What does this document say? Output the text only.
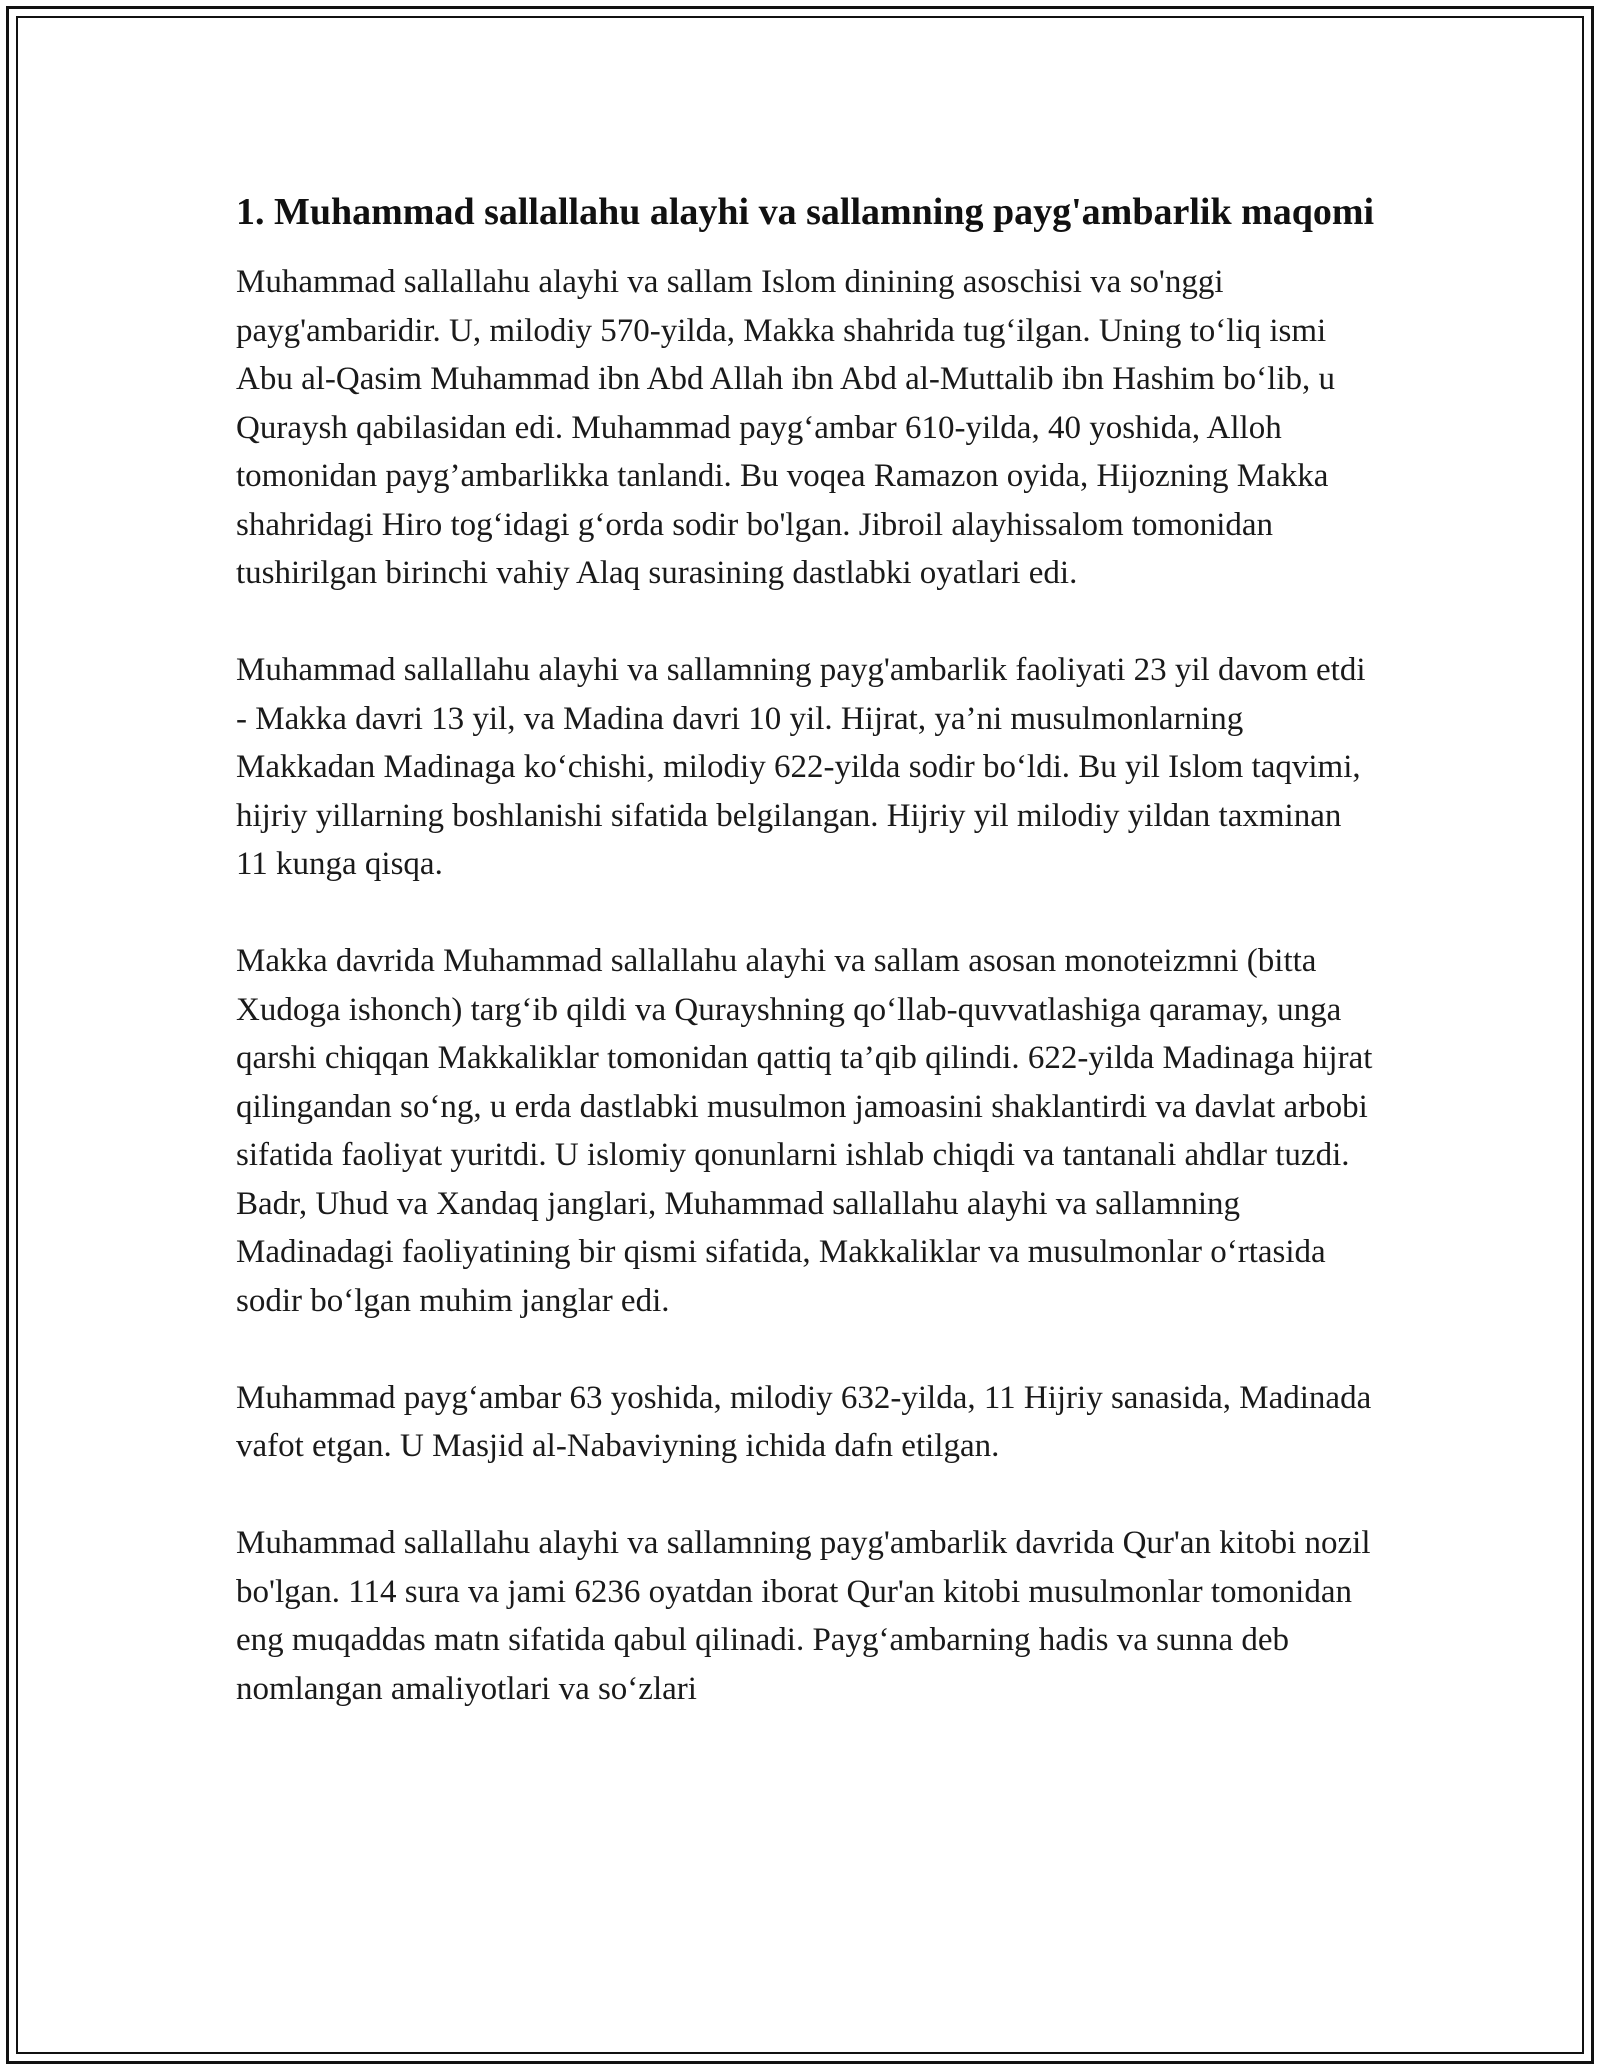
1. Muhammad sallallahu alayhi va sallamning payg'ambarlik maqomi

Muhammad sallallahu alayhi va sallam Islom dinining asoschisi va so'nggi payg'ambaridir. U, milodiy 570-yilda, Makka shahrida tug‘ilgan. Uning to‘liq ismi Abu al-Qasim Muhammad ibn Abd Allah ibn Abd al-Muttalib ibn Hashim bo‘lib, u Quraysh qabilasidan edi. Muhammad payg‘ambar 610-yilda, 40 yoshida, Alloh tomonidan payg’ambarlikka tanlandi. Bu voqea Ramazon oyida, Hijozning Makka shahridagi Hiro tog‘idagi g‘orda sodir bo'lgan. Jibroil alayhissalom tomonidan tushirilgan birinchi vahiy Alaq surasining dastlabki oyatlari edi.

Muhammad sallallahu alayhi va sallamning payg'ambarlik faoliyati 23 yil davom etdi - Makka davri 13 yil, va Madina davri 10 yil. Hijrat, ya’ni musulmonlarning Makkadan Madinaga ko‘chishi, milodiy 622-yilda sodir bo‘ldi. Bu yil Islom taqvimi, hijriy yillarning boshlanishi sifatida belgilangan. Hijriy yil milodiy yildan taxminan 11 kunga qisqa.

Makka davrida Muhammad sallallahu alayhi va sallam asosan monoteizmni (bitta Xudoga ishonch) targ‘ib qildi va Qurayshning qo‘llab-quvvatlashiga qaramay, unga qarshi chiqqan Makkaliklar tomonidan qattiq ta’qib qilindi. 622-yilda Madinaga hijrat qilingandan so‘ng, u erda dastlabki musulmon jamoasini shaklantirdi va davlat arbobi sifatida faoliyat yuritdi. U islomiy qonunlarni ishlab chiqdi va tantanali ahdlar tuzdi. Badr, Uhud va Xandaq janglari, Muhammad sallallahu alayhi va sallamning Madinadagi faoliyatining bir qismi sifatida, Makkaliklar va musulmonlar o‘rtasida sodir bo‘lgan muhim janglar edi.

Muhammad payg‘ambar 63 yoshida, milodiy 632-yilda, 11 Hijriy sanasida, Madinada vafot etgan. U Masjid al-Nabaviyning ichida dafn etilgan.

Muhammad sallallahu alayhi va sallamning payg'ambarlik davrida Qur'an kitobi nozil bo'lgan. 114 sura va jami 6236 oyatdan iborat Qur'an kitobi musulmonlar tomonidan eng muqaddas matn sifatida qabul qilinadi. Payg‘ambarning hadis va sunna deb nomlangan amaliyotlari va so‘zlari
